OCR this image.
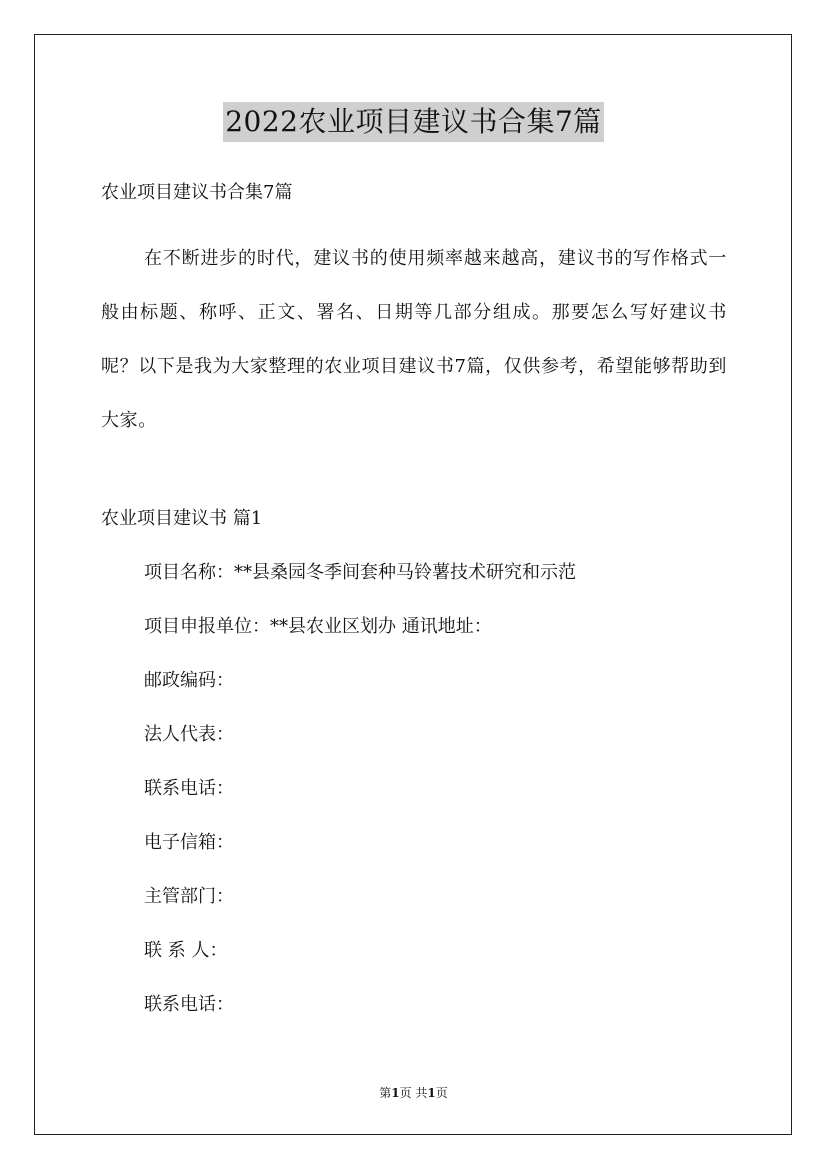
2022农业项目建议书合集7篇
农业项目建议书合集7篇
在不断进步的时代，建议书的使用频率越来越高，建议书的写作格式一般由标题、称呼、正文、署名、日期等几部分组成。那要怎么写好建议书呢？以下是我为大家整理的农业项目建议书7篇，仅供参考，希望能够帮助到大家。
农业项目建议书 篇1
项目名称：**县桑园冬季间套种马铃薯技术研究和示范
项目申报单位：**县农业区划办 通讯地址：
邮政编码：
法人代表：
联系电话：
电子信箱：
主管部门：
联 系 人：
联系电话：
第1页 共1页
